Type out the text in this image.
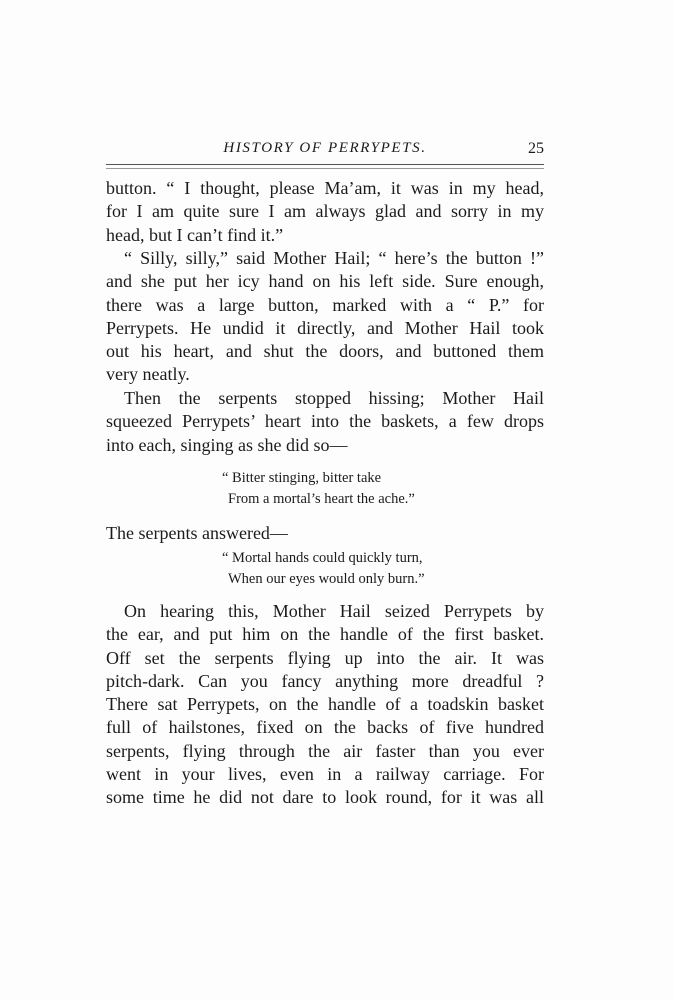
HISTORY OF PERRYPETS.	25
button. “ I thought, please Ma’am, it was in my head,
for I am quite sure I am always glad and sorry in my
head, but I can’t find it.”
“ Silly, silly,” said Mother Hail; “ here’s the button !”
and she put her icy hand on his left side. Sure enough,
there was a large button, marked with a “ P.” for
Perrypets. He undid it directly, and Mother Hail took
out his heart, and shut the doors, and buttoned them
very neatly.
Then the serpents stopped hissing; Mother Hail
squeezed Perrypets’ heart into the baskets, a few drops
into each, singing as she did so—
“ Bitter stinging, bitter take
From a mortal’s heart the ache.”
The serpents answered—
“ Mortal hands could quickly turn,
When our eyes would only burn.”
On hearing this, Mother Hail seized Perrypets by
the ear, and put him on the handle of the first basket.
Off set the serpents flying up into the air. It was
pitch-dark. Can you fancy anything more dreadful ?
There sat Perrypets, on the handle of a toadskin basket
full of hailstones, fixed on the backs of five hundred
serpents, flying through the air faster than you ever
went in your lives, even in a railway carriage. For
some time he did not dare to look round, for it was all
